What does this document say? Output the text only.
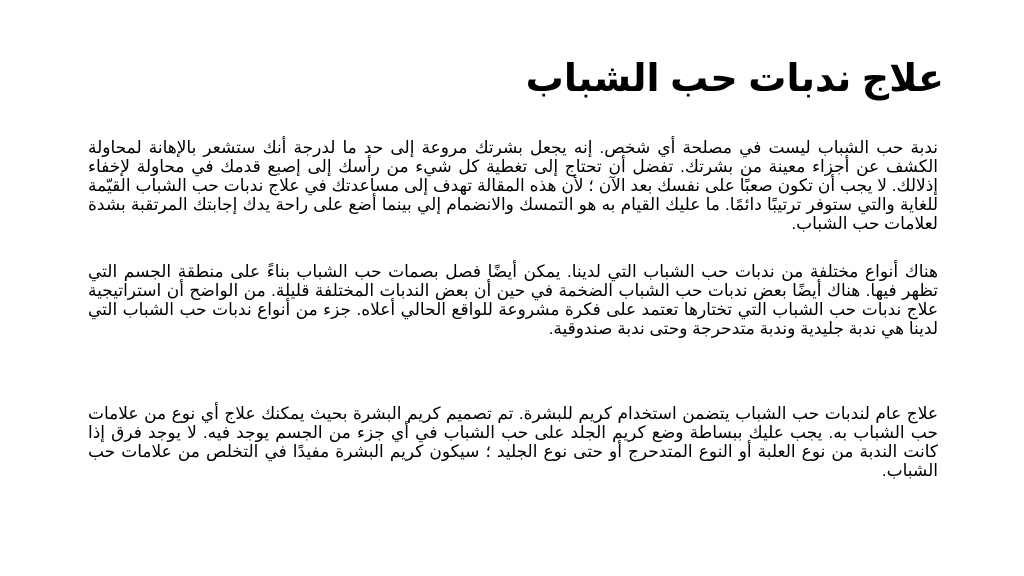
علاج ندبات حب الشباب

ندبة حب الشباب ليست في مصلحة أي شخص. إنه يجعل بشرتك مروعة إلى حد ما لدرجة أنك ستشعر بالإهانة لمحاولة الكشف عن أجزاء معينة من بشرتك. تفضل أن تحتاج إلى تغطية كل شيء من رأسك إلى إصبع قدمك في محاولة لإخفاء إذلالك. لا يجب أن تكون صعبًا على نفسك بعد الآن ؛ لأن هذه المقالة تهدف إلى مساعدتك في علاج ندبات حب الشباب القيّمة للغاية والتي ستوفر ترتيبًا دائمًا. ما عليك القيام به هو التمسك والانضمام إلي بينما أضع على راحة يدك إجابتك المرتقبة بشدة لعلامات حب الشباب.

هناك أنواع مختلفة من ندبات حب الشباب التي لدينا. يمكن أيضًا فصل بصمات حب الشباب بناءً على منطقة الجسم التي تظهر فيها. هناك أيضًا بعض ندبات حب الشباب الضخمة في حين أن بعض الندبات المختلفة قليلة. من الواضح أن استراتيجية علاج ندبات حب الشباب التي تختارها تعتمد على فكرة مشروعة للواقع الحالي أعلاه. جزء من أنواع ندبات حب الشباب التي لدينا هي ندبة جليدية وندبة متدحرجة وحتى ندبة صندوقية.

علاج عام لندبات حب الشباب يتضمن استخدام كريم للبشرة. تم تصميم كريم البشرة بحيث يمكنك علاج أي نوع من علامات حب الشباب به. يجب عليك ببساطة وضع كريم الجلد على حب الشباب في أي جزء من الجسم يوجد فيه. لا يوجد فرق إذا كانت الندبة من نوع العلبة أو النوع المتدحرج أو حتى نوع الجليد ؛ سيكون كريم البشرة مفيدًا في التخلص من علامات حب الشباب.
